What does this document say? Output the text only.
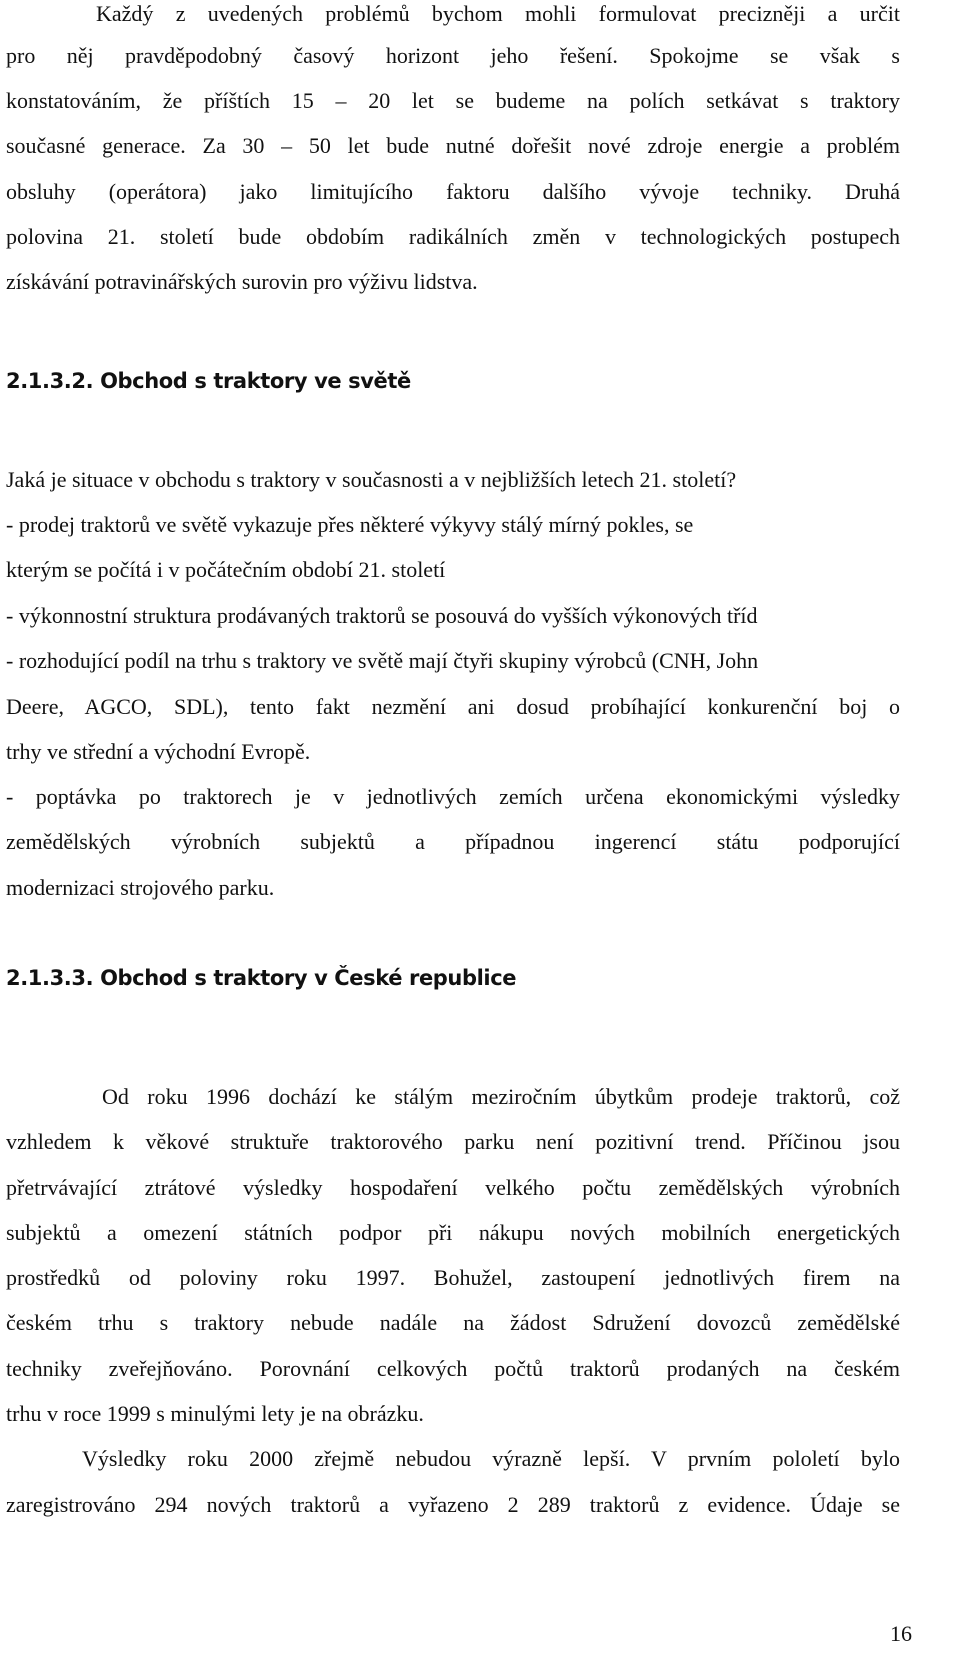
Každý z uvedených problémů bychom mohli formulovat precizněji a určit

pro něj pravděpodobný časový horizont jeho řešení. Spokojme se však s

konstatováním, že příštích 15 – 20 let se budeme na polích setkávat s traktory

současné generace. Za 30 – 50 let bude nutné dořešit nové zdroje energie a problém

obsluhy (operátora) jako limitujícího faktoru dalšího vývoje techniky. Druhá

polovina 21. století bude obdobím radikálních změn v technologických postupech

získávání potravinářských surovin pro výživu lidstva.

2.1.3.2. Obchod s traktory ve světě

Jaká je situace v obchodu s traktory v současnosti a v nejbližších letech 21. století?

- prodej traktorů ve světě vykazuje přes některé výkyvy stálý mírný pokles, se

kterým se počítá i v počátečním období 21. století

- výkonnostní struktura prodávaných traktorů se posouvá do vyšších výkonových tříd

- rozhodující podíl na trhu s traktory ve světě mají čtyři skupiny výrobců (CNH, John

Deere, AGCO, SDL), tento fakt nezmění ani dosud probíhající konkurenční boj o

trhy ve střední a východní Evropě.

- poptávka po traktorech je v jednotlivých zemích určena ekonomickými výsledky

zemědělských výrobních subjektů a případnou ingerencí státu podporující

modernizaci strojového parku.

2.1.3.3. Obchod s traktory v České republice

Od roku 1996 dochází ke stálým meziročním úbytkům prodeje traktorů, což

vzhledem k věkové struktuře traktorového parku není pozitivní trend. Příčinou jsou

přetrvávající ztrátové výsledky hospodaření velkého počtu zemědělských výrobních

subjektů a omezení státních podpor při nákupu nových mobilních energetických

prostředků od poloviny roku 1997. Bohužel, zastoupení jednotlivých firem na

českém trhu s traktory nebude nadále na žádost Sdružení dovozců zemědělské

techniky zveřejňováno. Porovnání celkových počtů traktorů prodaných na českém

trhu v roce 1999 s minulými lety je na obrázku.

Výsledky roku 2000 zřejmě nebudou výrazně lepší. V prvním pololetí bylo

zaregistrováno 294 nových traktorů a vyřazeno 2 289 traktorů z evidence. Údaje se

16
